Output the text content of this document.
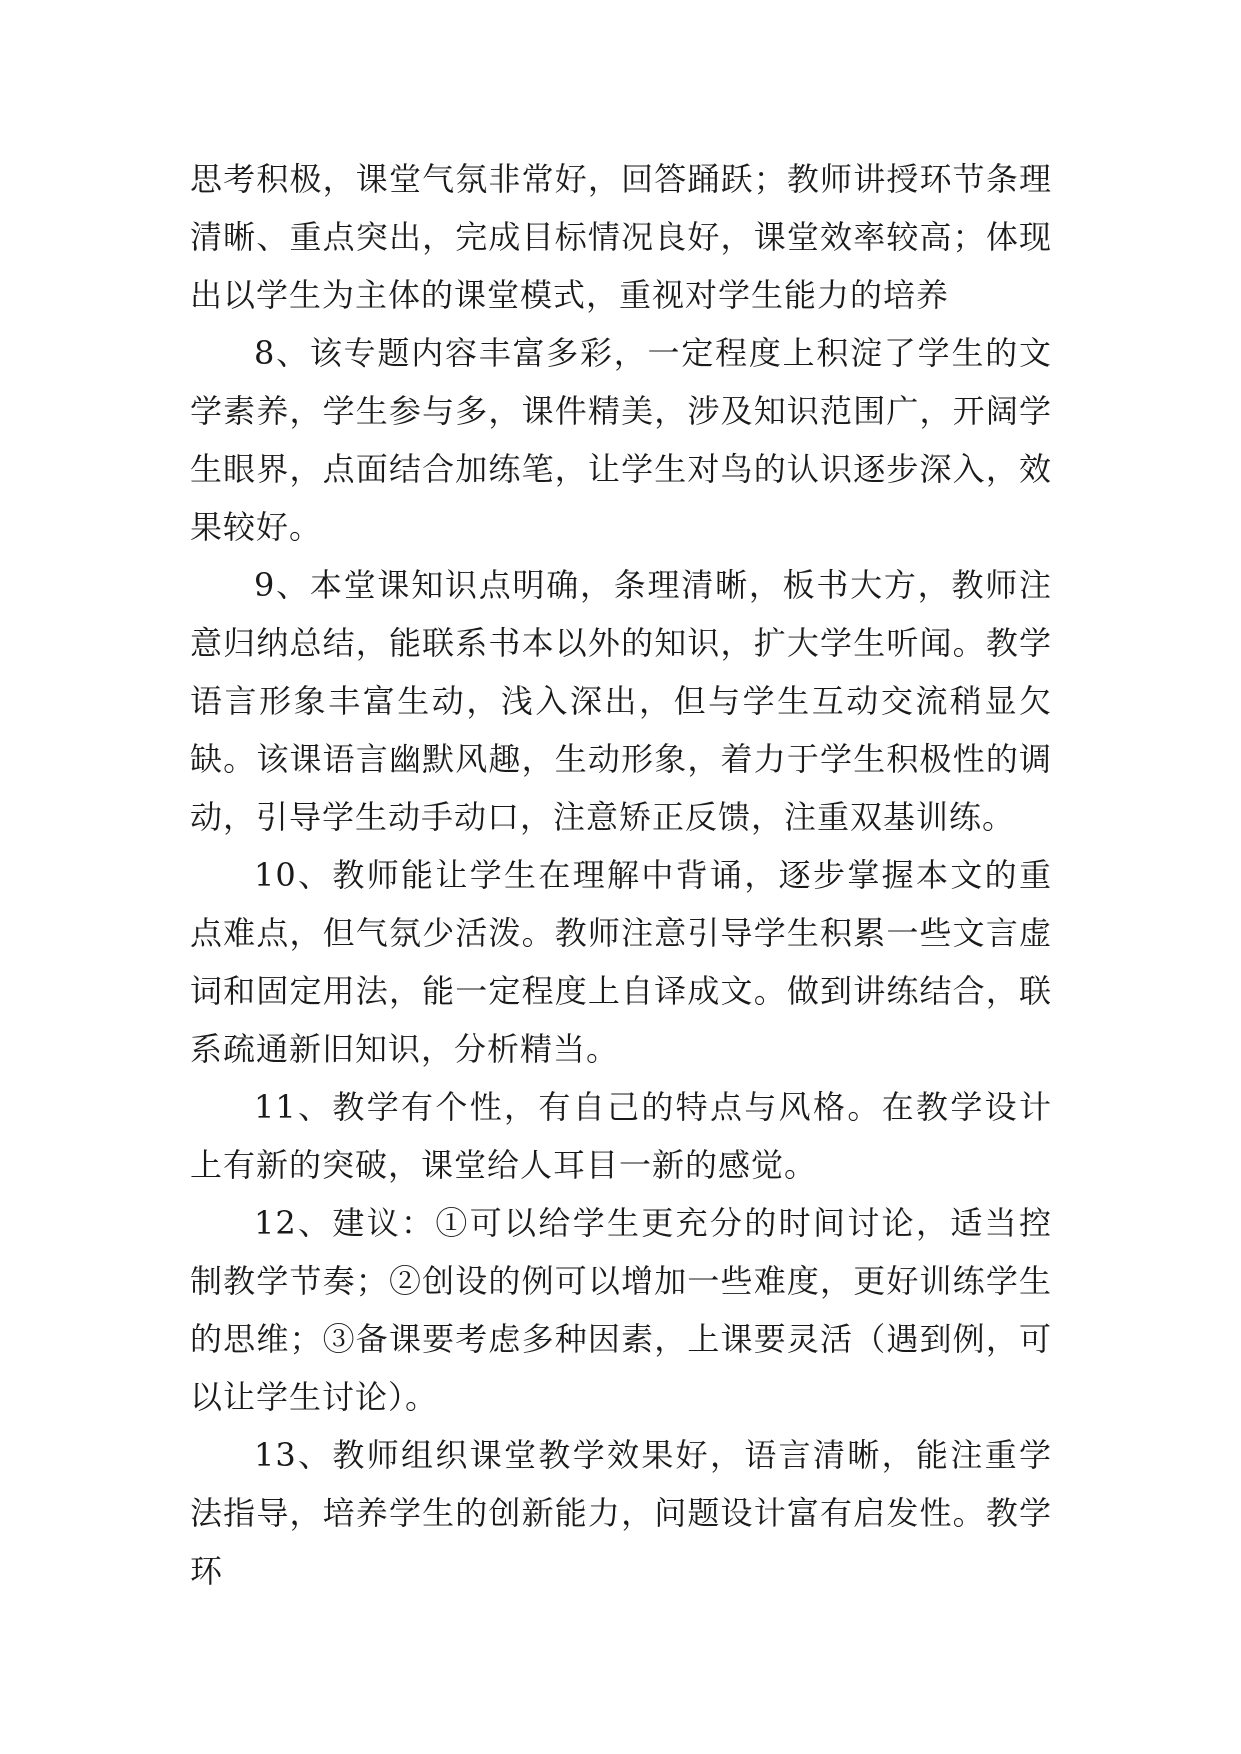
思考积极，课堂气氛非常好，回答踊跃；教师讲授环节条理清晰、重点突出，完成目标情况良好，课堂效率较高；体现出以学生为主体的课堂模式，重视对学生能力的培养

8、该专题内容丰富多彩，一定程度上积淀了学生的文学素养，学生参与多，课件精美，涉及知识范围广，开阔学生眼界，点面结合加练笔，让学生对鸟的认识逐步深入，效果较好。

9、本堂课知识点明确，条理清晰，板书大方，教师注意归纳总结，能联系书本以外的知识，扩大学生听闻。教学语言形象丰富生动，浅入深出，但与学生互动交流稍显欠缺。该课语言幽默风趣，生动形象，着力于学生积极性的调动，引导学生动手动口，注意矫正反馈，注重双基训练。

10、教师能让学生在理解中背诵，逐步掌握本文的重点难点，但气氛少活泼。教师注意引导学生积累一些文言虚词和固定用法，能一定程度上自译成文。做到讲练结合，联系疏通新旧知识，分析精当。

11、教学有个性，有自己的特点与风格。在教学设计上有新的突破，课堂给人耳目一新的感觉。

12、建议：①可以给学生更充分的时间讨论，适当控制教学节奏；②创设的例可以增加一些难度，更好训练学生的思维；③备课要考虑多种因素，上课要灵活（遇到例，可以让学生讨论）。

13、教师组织课堂教学效果好，语言清晰，能注重学法指导，培养学生的创新能力，问题设计富有启发性。教学环
